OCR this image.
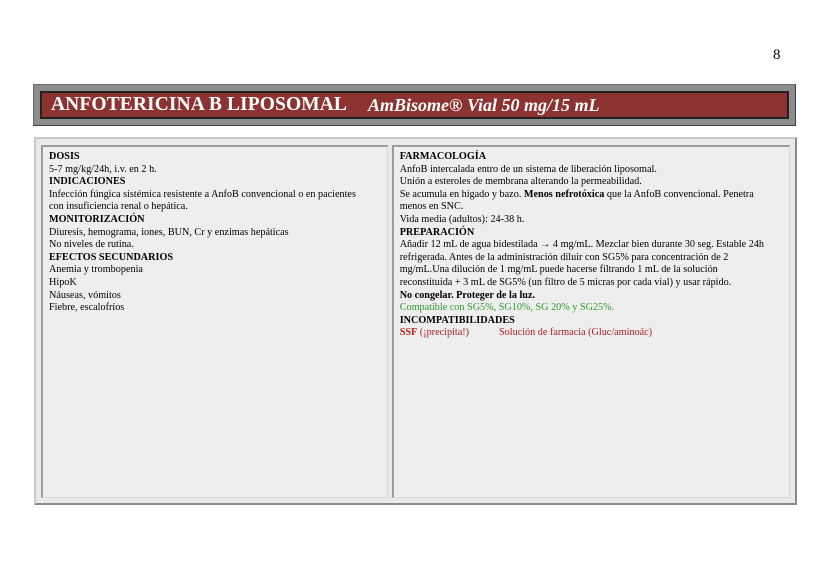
8
ANFOTERICINA B LIPOSOMAL AmBisome® Vial 50 mg/15 mL
DOSIS
5-7 mg/kg/24h, i.v. en 2 h.
INDICACIONES
Infección fúngica sistémica resistente a AnfoB convencional o en pacientes
con insuficiencia renal o hepática.
MONITORIZACIÓN
Diuresis, hemograma, iones, BUN, Cr y enzimas hepáticas
No niveles de rutina.
EFECTOS SECUNDARIOS
Anemia y trombopenia
HipoK
Náuseas, vómitos
Fiebre, escalofríos
FARMACOLOGÍA
AnfoB intercalada entro de un sistema de liberación liposomal.
Unión a esteroles de membrana alterando la permeabilidad.
Se acumula en hígado y bazo. Menos nefrotóxica que la AnfoB convencional. Penetra
menos en SNC.
Vida media (adultos): 24-38 h.
PREPARACIÓN
Añadir 12 mL de agua bidestilada → 4 mg/mL. Mezclar bien durante 30 seg. Estable 24h
refrigerada. Antes de la administración diluir con SG5% para concentración de 2
mg/mL.Una dilución de 1 mg/mL puede hacerse filtrando 1 mL de la solución
reconstituida + 3 mL de SG5% (un filtro de 5 micras por cada vial) y usar rápido.
No congelar. Proteger de la luz.
Compatible con SG5%, SG10%, SG 20% y SG25%.
INCOMPATIBILIDADES
SSF (¡precipita!)	Solución de farmacia (Gluc/aminoác)
